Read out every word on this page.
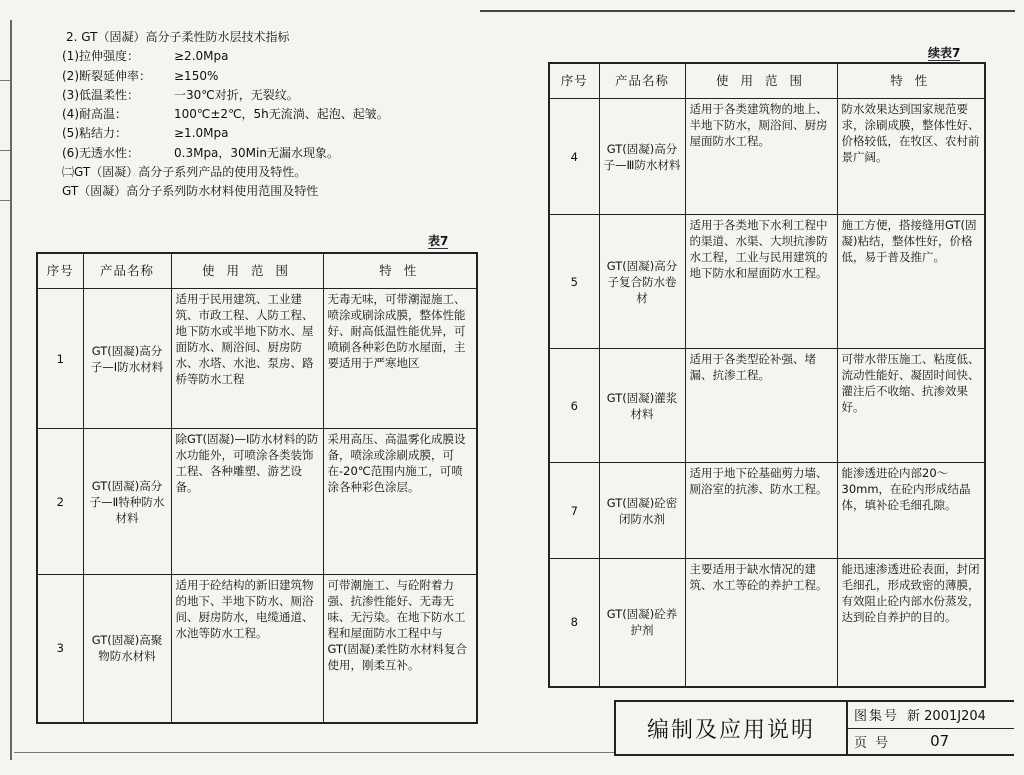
2. GT（固凝）高分子柔性防水层技术指标
(1)拉伸强度：	≥2.0Mpa
(2)断裂延伸率： ≥150%
(3)低温柔性：	一30℃对折，无裂纹。
(4)耐高温：	100℃±2℃，5h无流淌、起泡、起皱。
(5)粘结力：	≥1.0Mpa
(6)无透水性：	0.3Mpa，30Min无漏水现象。
㈡GT（固凝）高分子系列产品的使用及特性。
GT（固凝）高分子系列防水材料使用范围及特性
表7
序号	产品名称	使 用 范 围	特 性
1	GT(固凝)高分子—Ⅰ防水材料	适用于民用建筑、工业建筑、市政工程、人防工程、地下防水或半地下防水、屋面防水、厕浴间、厨房防水、水塔、水池、泵房、路桥等防水工程	无毒无味，可带潮湿施工、喷涂或刷涂成膜，整体性能好、耐高低温性能优异，可喷刷各种彩色防水屋面，主要适用于严寒地区
2	GT(固凝)高分子—Ⅱ特种防水材料	除GT(固凝)—Ⅰ防水材料的防水功能外，可喷涂各类装饰工程、各种雕塑、游艺设备。	采用高压、高温雾化成膜设备，喷涂或涂刷成膜，可在-20℃范围内施工，可喷涂各种彩色涂层。
3	GT(固凝)高聚物防水材料	适用于砼结构的新旧建筑物的地下、半地下防水、厕浴间、厨房防水，电缆通道、水池等防水工程。	可带潮施工、与砼附着力强、抗渗性能好、无毒无味、无污染。在地下防水工程和屋面防水工程中与GT(固凝)柔性防水材料复合使用，刚柔互补。
续表7
序号	产品名称	使 用 范 围	特 性
4	GT(固凝)高分子—Ⅲ防水材料	适用于各类建筑物的地上、半地下防水，厕浴间、厨房屋面防水工程。	防水效果达到国家规范要求，涂刷成膜，整体性好、价格较低，在牧区、农村前景广阔。
5	GT(固凝)高分子复合防水卷材	适用于各类地下水利工程中的渠道、水渠、大坝抗渗防水工程，工业与民用建筑的地下防水和屋面防水工程。	施工方便，搭接缝用GT(固凝)粘结，整体性好，价格低，易于普及推广。
6	GT(固凝)灌浆材料	适用于各类型砼补强、堵漏、抗渗工程。	可带水带压施工、粘度低、流动性能好、凝固时间快、灌注后不收缩、抗渗效果好。
7	GT(固凝)砼密闭防水剂	适用于地下砼基础剪力墙、厕浴室的抗渗、防水工程。	能渗透进砼内部20～30mm，在砼内形成结晶体，填补砼毛细孔隙。
8	GT(固凝)砼养护剂	主要适用于缺水情况的建筑、水工等砼的养护工程。	能迅速渗透进砼表面，封闭毛细孔，形成致密的薄膜，有效阻止砼内部水份蒸发，达到砼自养护的目的。
编制及应用说明
图集号 新 2001J204
页 号	07
